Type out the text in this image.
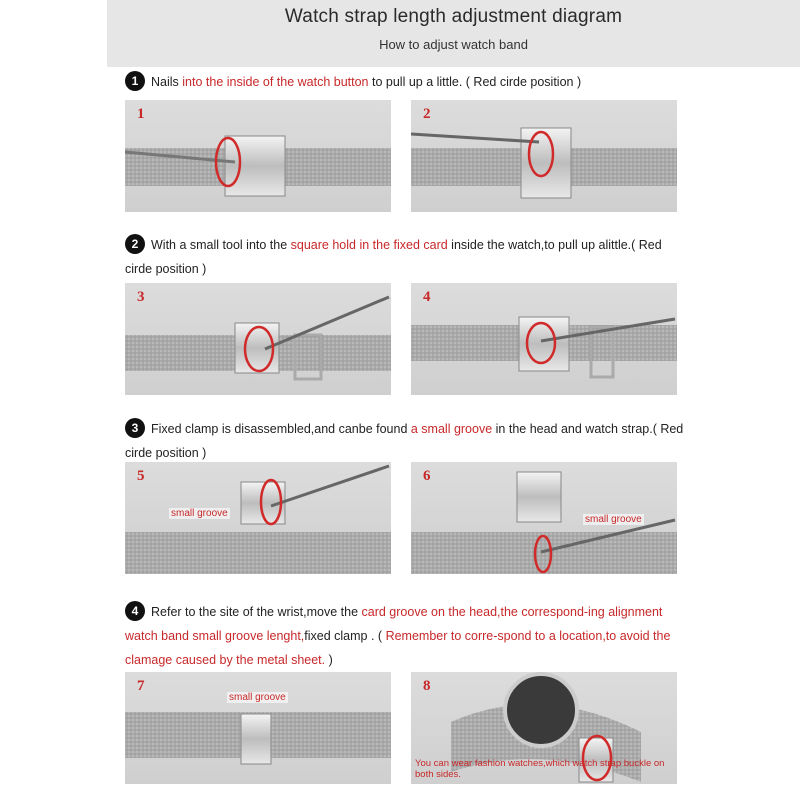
Watch strap length adjustment diagram
How to adjust watch band
1 Nails into the inside of the watch button to pull up a little. ( Red cirde position )
1	2
2 With a small tool into the square hold in the fixed card inside the watch,to pull up alittle.( Red cirde position )
3	4
3 Fixed clamp is disassembled,and canbe found a small groove in the head and watch strap.( Red cirde position )
5
small groove
6
small groove
4 Refer to the site of the wrist,move the card groove on the head,the correspond-ing alignment watch band small groove lenght,fixed clamp . ( Remember to corre-spond to a location,to avoid the clamage caused by the metal sheet. )
7
small groove
8
You can wear fashion watches,which watch strap buckle on both sides.
